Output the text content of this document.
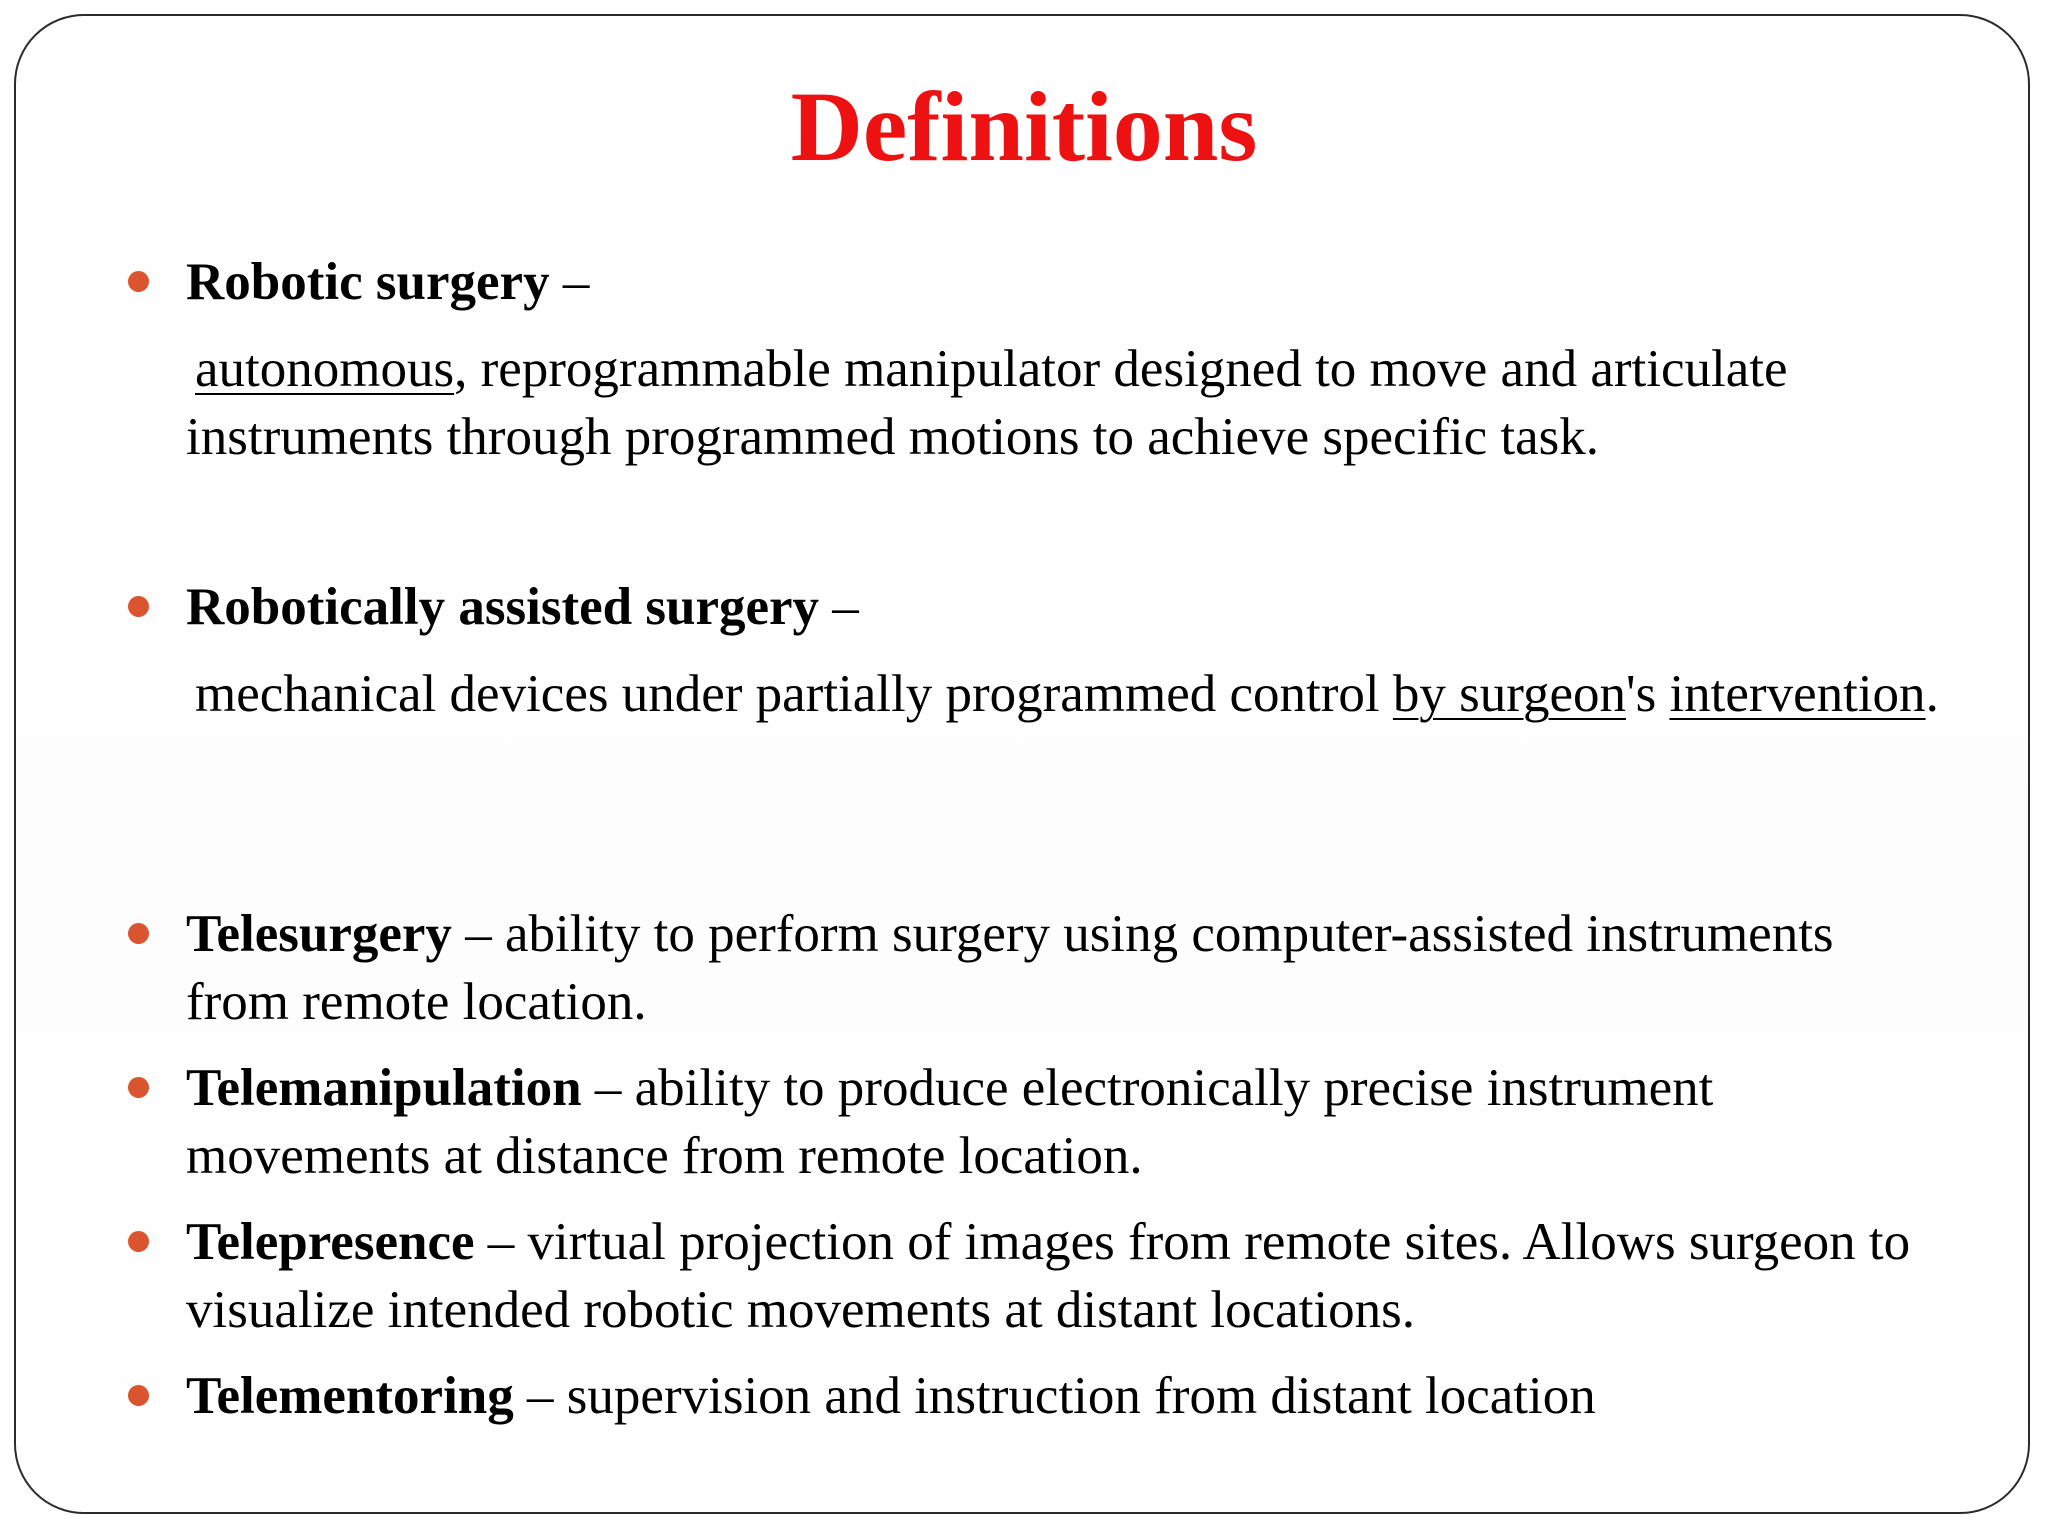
Definitions
Robotic surgery –
autonomous, reprogrammable manipulator designed to move and articulate instruments through programmed motions to achieve specific task.
Robotically assisted surgery –
mechanical devices under partially programmed control by surgeon's intervention.
Telesurgery – ability to perform surgery using computer-assisted instruments from remote location.
Telemanipulation – ability to produce electronically precise instrument movements at distance from remote location.
Telepresence – virtual projection of images from remote sites. Allows surgeon to visualize intended robotic movements at distant locations.
Telementoring – supervision and instruction from distant location
